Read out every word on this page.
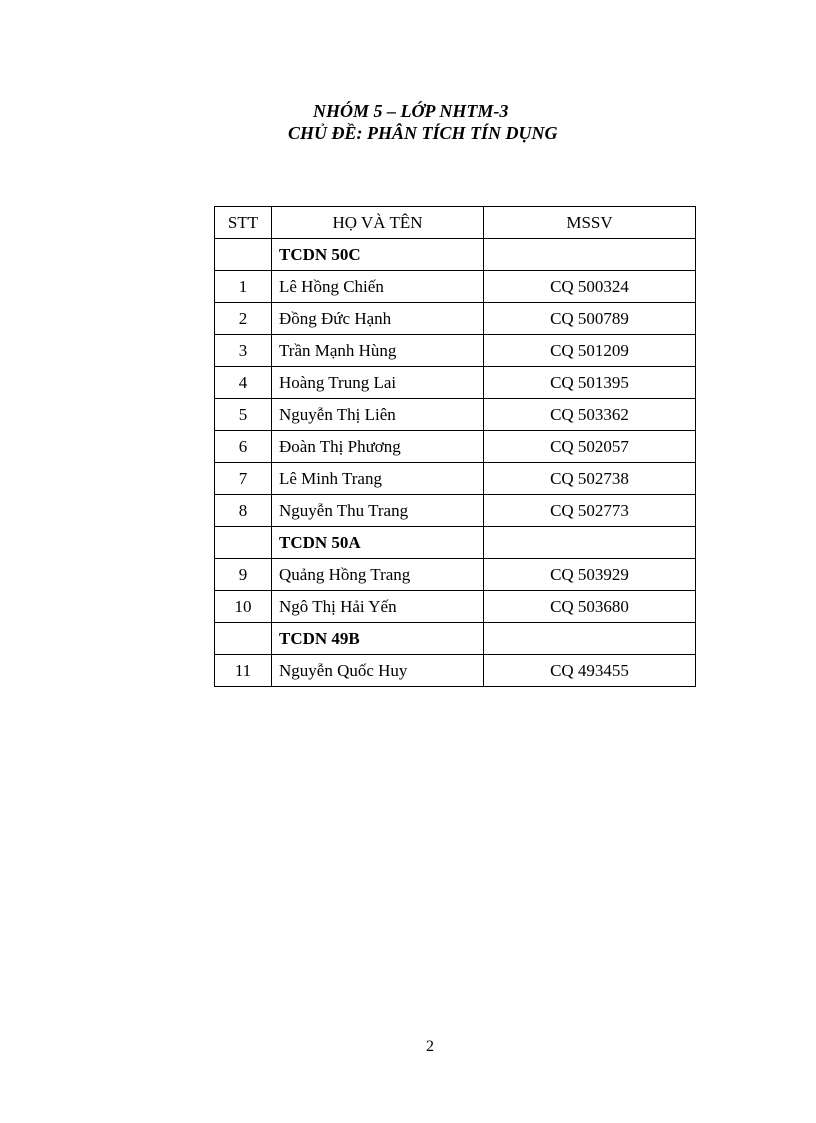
NHÓM 5 – LỚP NHTM-3
CHỦ ĐỀ: PHÂN TÍCH TÍN DỤNG
STT	HỌ VÀ TÊN	MSSV
	TCDN 50C	
1	Lê Hồng Chiến	CQ 500324
2	Đồng Đức Hạnh	CQ 500789
3	Trần Mạnh Hùng	CQ 501209
4	Hoàng Trung Lai	CQ 501395
5	Nguyễn Thị Liên	CQ 503362
6	Đoàn Thị Phương	CQ 502057
7	Lê Minh Trang	CQ 502738
8	Nguyễn Thu Trang	CQ 502773
	TCDN 50A	
9	Quảng Hồng Trang	CQ 503929
10	Ngô Thị Hải Yến	CQ 503680
	TCDN 49B	
11	Nguyễn Quốc Huy	CQ 493455
2
